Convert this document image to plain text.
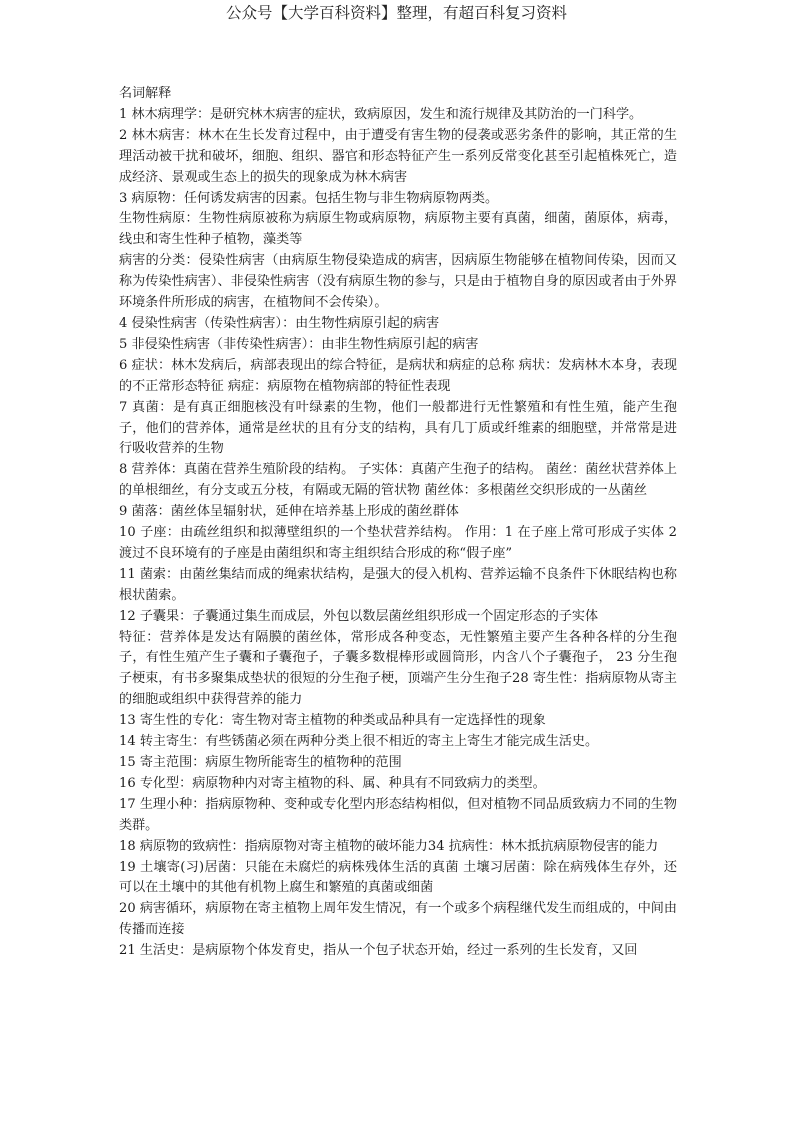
公众号【大学百科资料】整理，有超百科复习资料

名词解释

1 林木病理学：是研究林木病害的症状，致病原因，发生和流行规律及其防治的一门科学。

2 林木病害：林木在生长发育过程中，由于遭受有害生物的侵袭或恶劣条件的影响，其正常的生理活动被干扰和破坏，细胞、组织、器官和形态特征产生一系列反常变化甚至引起植株死亡，造成经济、景观或生态上的损失的现象成为林木病害

3 病原物：任何诱发病害的因素。包括生物与非生物病原物两类。

生物性病原：生物性病原被称为病原生物或病原物，病原物主要有真菌，细菌，菌原体，病毒，线虫和寄生性种子植物，藻类等

病害的分类：侵染性病害（由病原生物侵染造成的病害，因病原生物能够在植物间传染，因而又称为传染性病害）、非侵染性病害（没有病原生物的参与，只是由于植物自身的原因或者由于外界环境条件所形成的病害，在植物间不会传染）。

4 侵染性病害（传染性病害）：由生物性病原引起的病害

5 非侵染性病害（非传染性病害）：由非生物性病原引起的病害

6 症状：林木发病后，病部表现出的综合特征，是病状和病症的总称 病状：发病林木本身，表现的不正常形态特征 病症：病原物在植物病部的特征性表现

7 真菌：是有真正细胞核没有叶绿素的生物，他们一般都进行无性繁殖和有性生殖，能产生孢子，他们的营养体，通常是丝状的且有分支的结构，具有几丁质或纤维素的细胞壁，并常常是进行吸收营养的生物

8 营养体：真菌在营养生殖阶段的结构。 子实体：真菌产生孢子的结构。 菌丝：菌丝状营养体上的单根细丝，有分支或五分枝，有隔或无隔的管状物 菌丝体：多根菌丝交织形成的一丛菌丝

9 菌落：菌丝体呈辐射状，延伸在培养基上形成的菌丝群体

10 子座：由疏丝组织和拟薄壁组织的一个垫状营养结构。 作用：1 在子座上常可形成子实体 2 渡过不良环境有的子座是由菌组织和寄主组织结合形成的称“假子座”

11 菌索：由菌丝集结而成的绳索状结构，是强大的侵入机构、营养运输不良条件下休眠结构也称根状菌索。

12 子囊果：子囊通过集生而成层，外包以数层菌丝组织形成一个固定形态的子实体

特征：营养体是发达有隔膜的菌丝体，常形成各种变态，无性繁殖主要产生各种各样的分生孢子，有性生殖产生子囊和子囊孢子，子囊多数棍棒形或圆筒形，内含八个子囊孢子， 23 分生孢子梗束，有书多聚集成垫状的很短的分生孢子梗，顶端产生分生孢子28 寄生性：指病原物从寄主的细胞或组织中获得营养的能力

13 寄生性的专化：寄生物对寄主植物的种类或品种具有一定选择性的现象

14 转主寄生：有些锈菌必须在两种分类上很不相近的寄主上寄生才能完成生活史。

15 寄主范围：病原生物所能寄生的植物种的范围

16 专化型：病原物种内对寄主植物的科、属、种具有不同致病力的类型。

17 生理小种：指病原物种、变种或专化型内形态结构相似，但对植物不同品质致病力不同的生物类群。

18 病原物的致病性：指病原物对寄主植物的破坏能力34 抗病性：林木抵抗病原物侵害的能力

19 土壤寄(习)居菌：只能在未腐烂的病株残体生活的真菌 土壤习居菌：除在病残体生存外，还可以在土壤中的其他有机物上腐生和繁殖的真菌或细菌

20 病害循环，病原物在寄主植物上周年发生情况，有一个或多个病程继代发生而组成的，中间由传播而连接

21 生活史：是病原物个体发育史，指从一个包子状态开始，经过一系列的生长发育，又回
